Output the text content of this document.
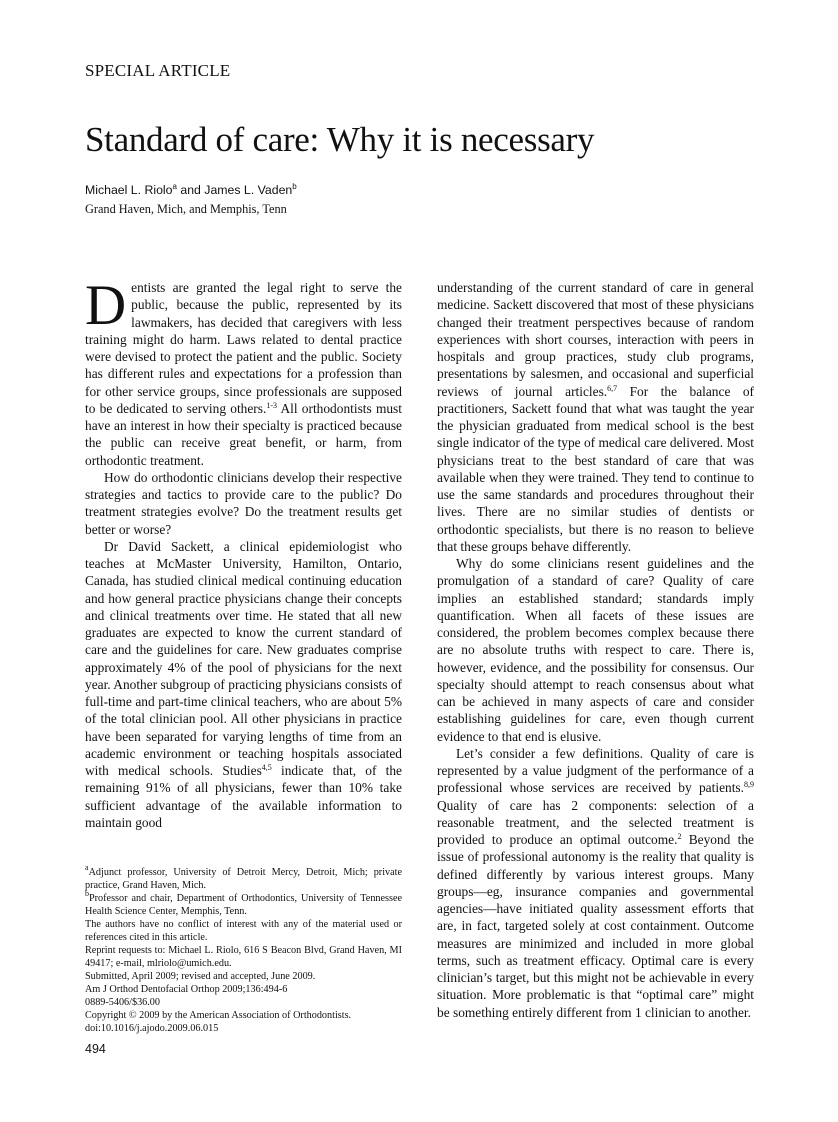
SPECIAL ARTICLE
Standard of care: Why it is necessary
Michael L. Riolo$^a$ and James L. Vaden$^b$
Grand Haven, Mich, and Memphis, Tenn

Dentists are granted the legal right to serve the public, because the public, represented by its lawmakers, has decided that caregivers with less training might do harm. Laws related to dental practice were devised to protect the patient and the public. Society has different rules and expectations for a profession than for other service groups, since professionals are supposed to be dedicated to serving others.$^{1-3}$ All orthodontists must have an interest in how their specialty is practiced because the public can receive great benefit, or harm, from orthodontic treatment.

How do orthodontic clinicians develop their respective strategies and tactics to provide care to the public? Do treatment strategies evolve? Do the treatment results get better or worse?

Dr David Sackett, a clinical epidemiologist who teaches at McMaster University, Hamilton, Ontario, Canada, has studied clinical medical continuing education and how general practice physicians change their concepts and clinical treatments over time. He stated that all new graduates are expected to know the current standard of care and the guidelines for care. New graduates comprise approximately 4% of the pool of physicians for the next year. Another subgroup of practicing physicians consists of full-time and part-time clinical teachers, who are about 5% of the total clinician pool. All other physicians in practice have been separated for varying lengths of time from an academic environment or teaching hospitals associated with medical schools. Studies$^{4,5}$ indicate that, of the remaining 91% of all physicians, fewer than 10% take sufficient advantage of the available information to maintain good

understanding of the current standard of care in general medicine. Sackett discovered that most of these physicians changed their treatment perspectives because of random experiences with short courses, interaction with peers in hospitals and group practices, study club programs, presentations by salesmen, and occasional and superficial reviews of journal articles.$^{6,7}$ For the balance of practitioners, Sackett found that what was taught the year the physician graduated from medical school is the best single indicator of the type of medical care delivered. Most physicians treat to the best standard of care that was available when they were trained. They tend to continue to use the same standards and procedures throughout their lives. There are no similar studies of dentists or orthodontic specialists, but there is no reason to believe that these groups behave differently.

Why do some clinicians resent guidelines and the promulgation of a standard of care? Quality of care implies an established standard; standards imply quantification. When all facets of these issues are considered, the problem becomes complex because there are no absolute truths with respect to care. There is, however, evidence, and the possibility for consensus. Our specialty should attempt to reach consensus about what can be achieved in many aspects of care and consider establishing guidelines for care, even though current evidence to that end is elusive.

Let’s consider a few definitions. Quality of care is represented by a value judgment of the performance of a professional whose services are received by patients.$^{8,9}$ Quality of care has 2 components: selection of a reasonable treatment, and the selected treatment is provided to produce an optimal outcome.$^2$ Beyond the issue of professional autonomy is the reality that quality is defined differently by various interest groups. Many groups—eg, insurance companies and governmental agencies—have initiated quality assessment efforts that are, in fact, targeted solely at cost containment. Outcome measures are minimized and included in more global terms, such as treatment efficacy. Optimal care is every clinician’s target, but this might not be achievable in every situation. More problematic is that “optimal care” might be something entirely different from 1 clinician to another.

$^a$Adjunct professor, University of Detroit Mercy, Detroit, Mich; private practice, Grand Haven, Mich.
$^b$Professor and chair, Department of Orthodontics, University of Tennessee Health Science Center, Memphis, Tenn.
The authors have no conflict of interest with any of the material used or references cited in this article.
Reprint requests to: Michael L. Riolo, 616 S Beacon Blvd, Grand Haven, MI 49417; e-mail, mlriolo@umich.edu.
Submitted, April 2009; revised and accepted, June 2009.
Am J Orthod Dentofacial Orthop 2009;136:494-6
0889-5406/$36.00
Copyright © 2009 by the American Association of Orthodontists.
doi:10.1016/j.ajodo.2009.06.015
494
